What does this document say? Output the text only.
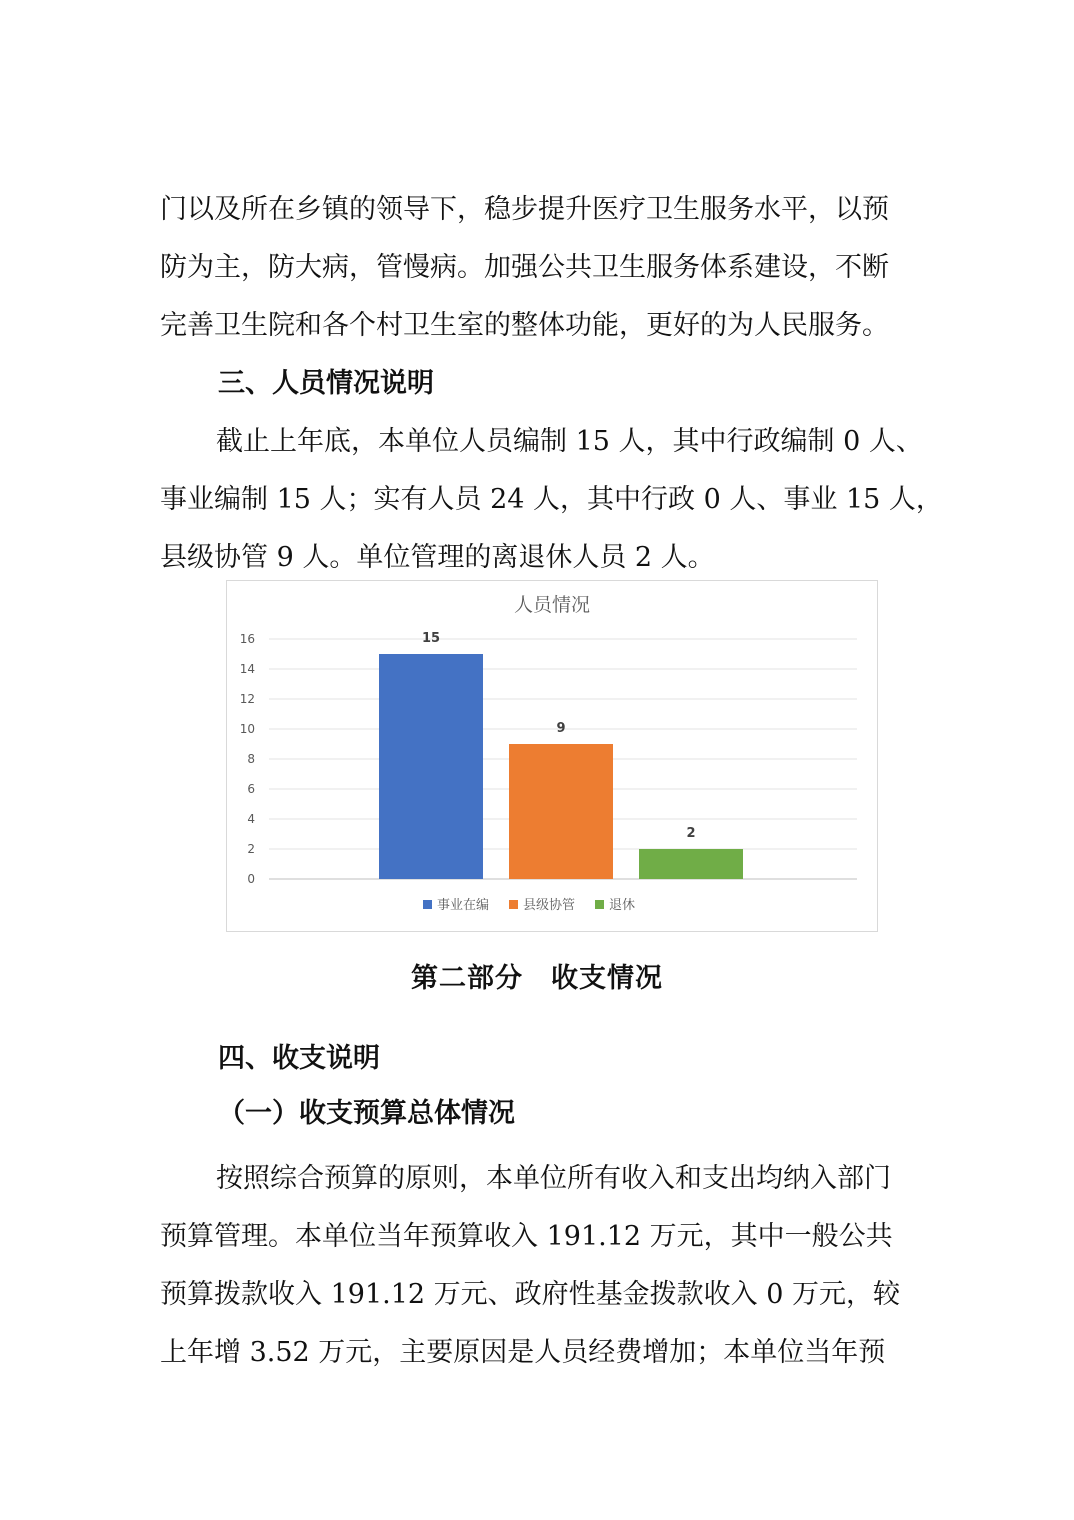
门以及所在乡镇的领导下，稳步提升医疗卫生服务水平，以预
防为主，防大病，管慢病。加强公共卫生服务体系建设，不断
完善卫生院和各个村卫生室的整体功能，更好的为人民服务。
三、人员情况说明
截止上年底，本单位人员编制 15 人，其中行政编制 0 人、
事业编制 15 人；实有人员 24 人，其中行政 0 人、事业 15 人，
县级协管 9 人。单位管理的离退休人员 2 人。
人员情况
0
2
4
6
8
10
12
14
16	15
9
2
事业在编	县级协管	退休
第二部分　收支情况
四、收支说明
（一）收支预算总体情况
按照综合预算的原则，本单位所有收入和支出均纳入部门
预算管理。本单位当年预算收入 191.12 万元，其中一般公共
预算拨款收入 191.12 万元、政府性基金拨款收入 0 万元，较
上年增 3.52 万元，主要原因是人员经费增加；本单位当年预
